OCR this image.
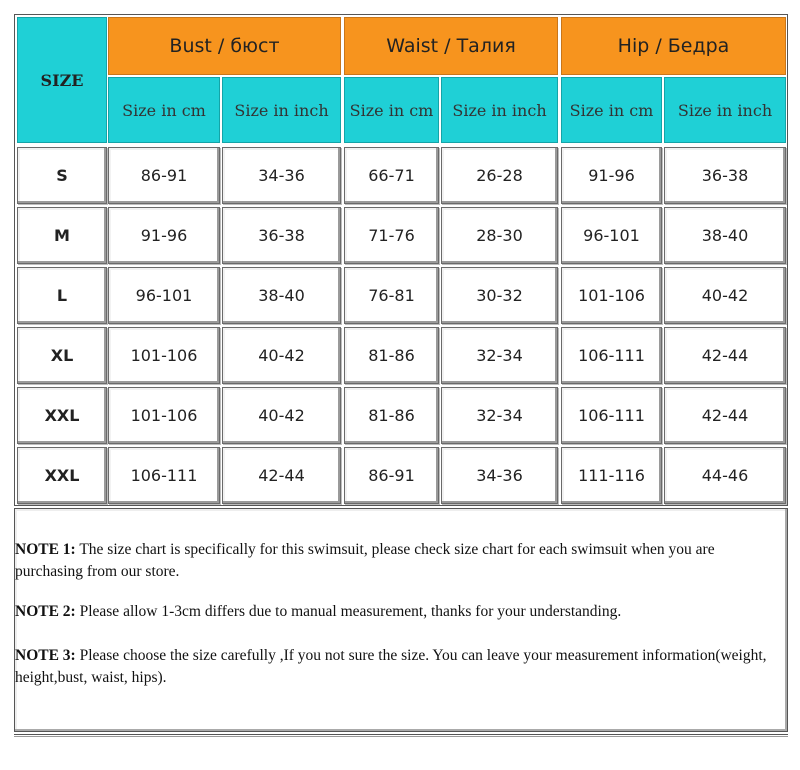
SIZE
Bust / бюст	Waist / Талия	Hip / Бедра
Size in cm	Size in inch	Size in cm	Size in inch	Size in cm	Size in inch
S	86-91	34-36	66-71	26-28	91-96	36-38
M	91-96	36-38	71-76	28-30	96-101	38-40
L	96-101	38-40	76-81	30-32	101-106	40-42
XL	101-106	40-42	81-86	32-34	106-111	42-44
XXL	101-106	40-42	81-86	32-34	106-111	42-44
XXL	106-111	42-44	86-91	34-36	111-116	44-46
NOTE 1: The size chart is specifically for this swimsuit, please check size chart for each swimsuit when you are purchasing from our store.
NOTE 2: Please allow 1-3cm differs due to manual measurement, thanks for your understanding.
NOTE 3: Please choose the size carefully ,If you not sure the size. You can leave your measurement information(weight, height,bust, waist, hips).
